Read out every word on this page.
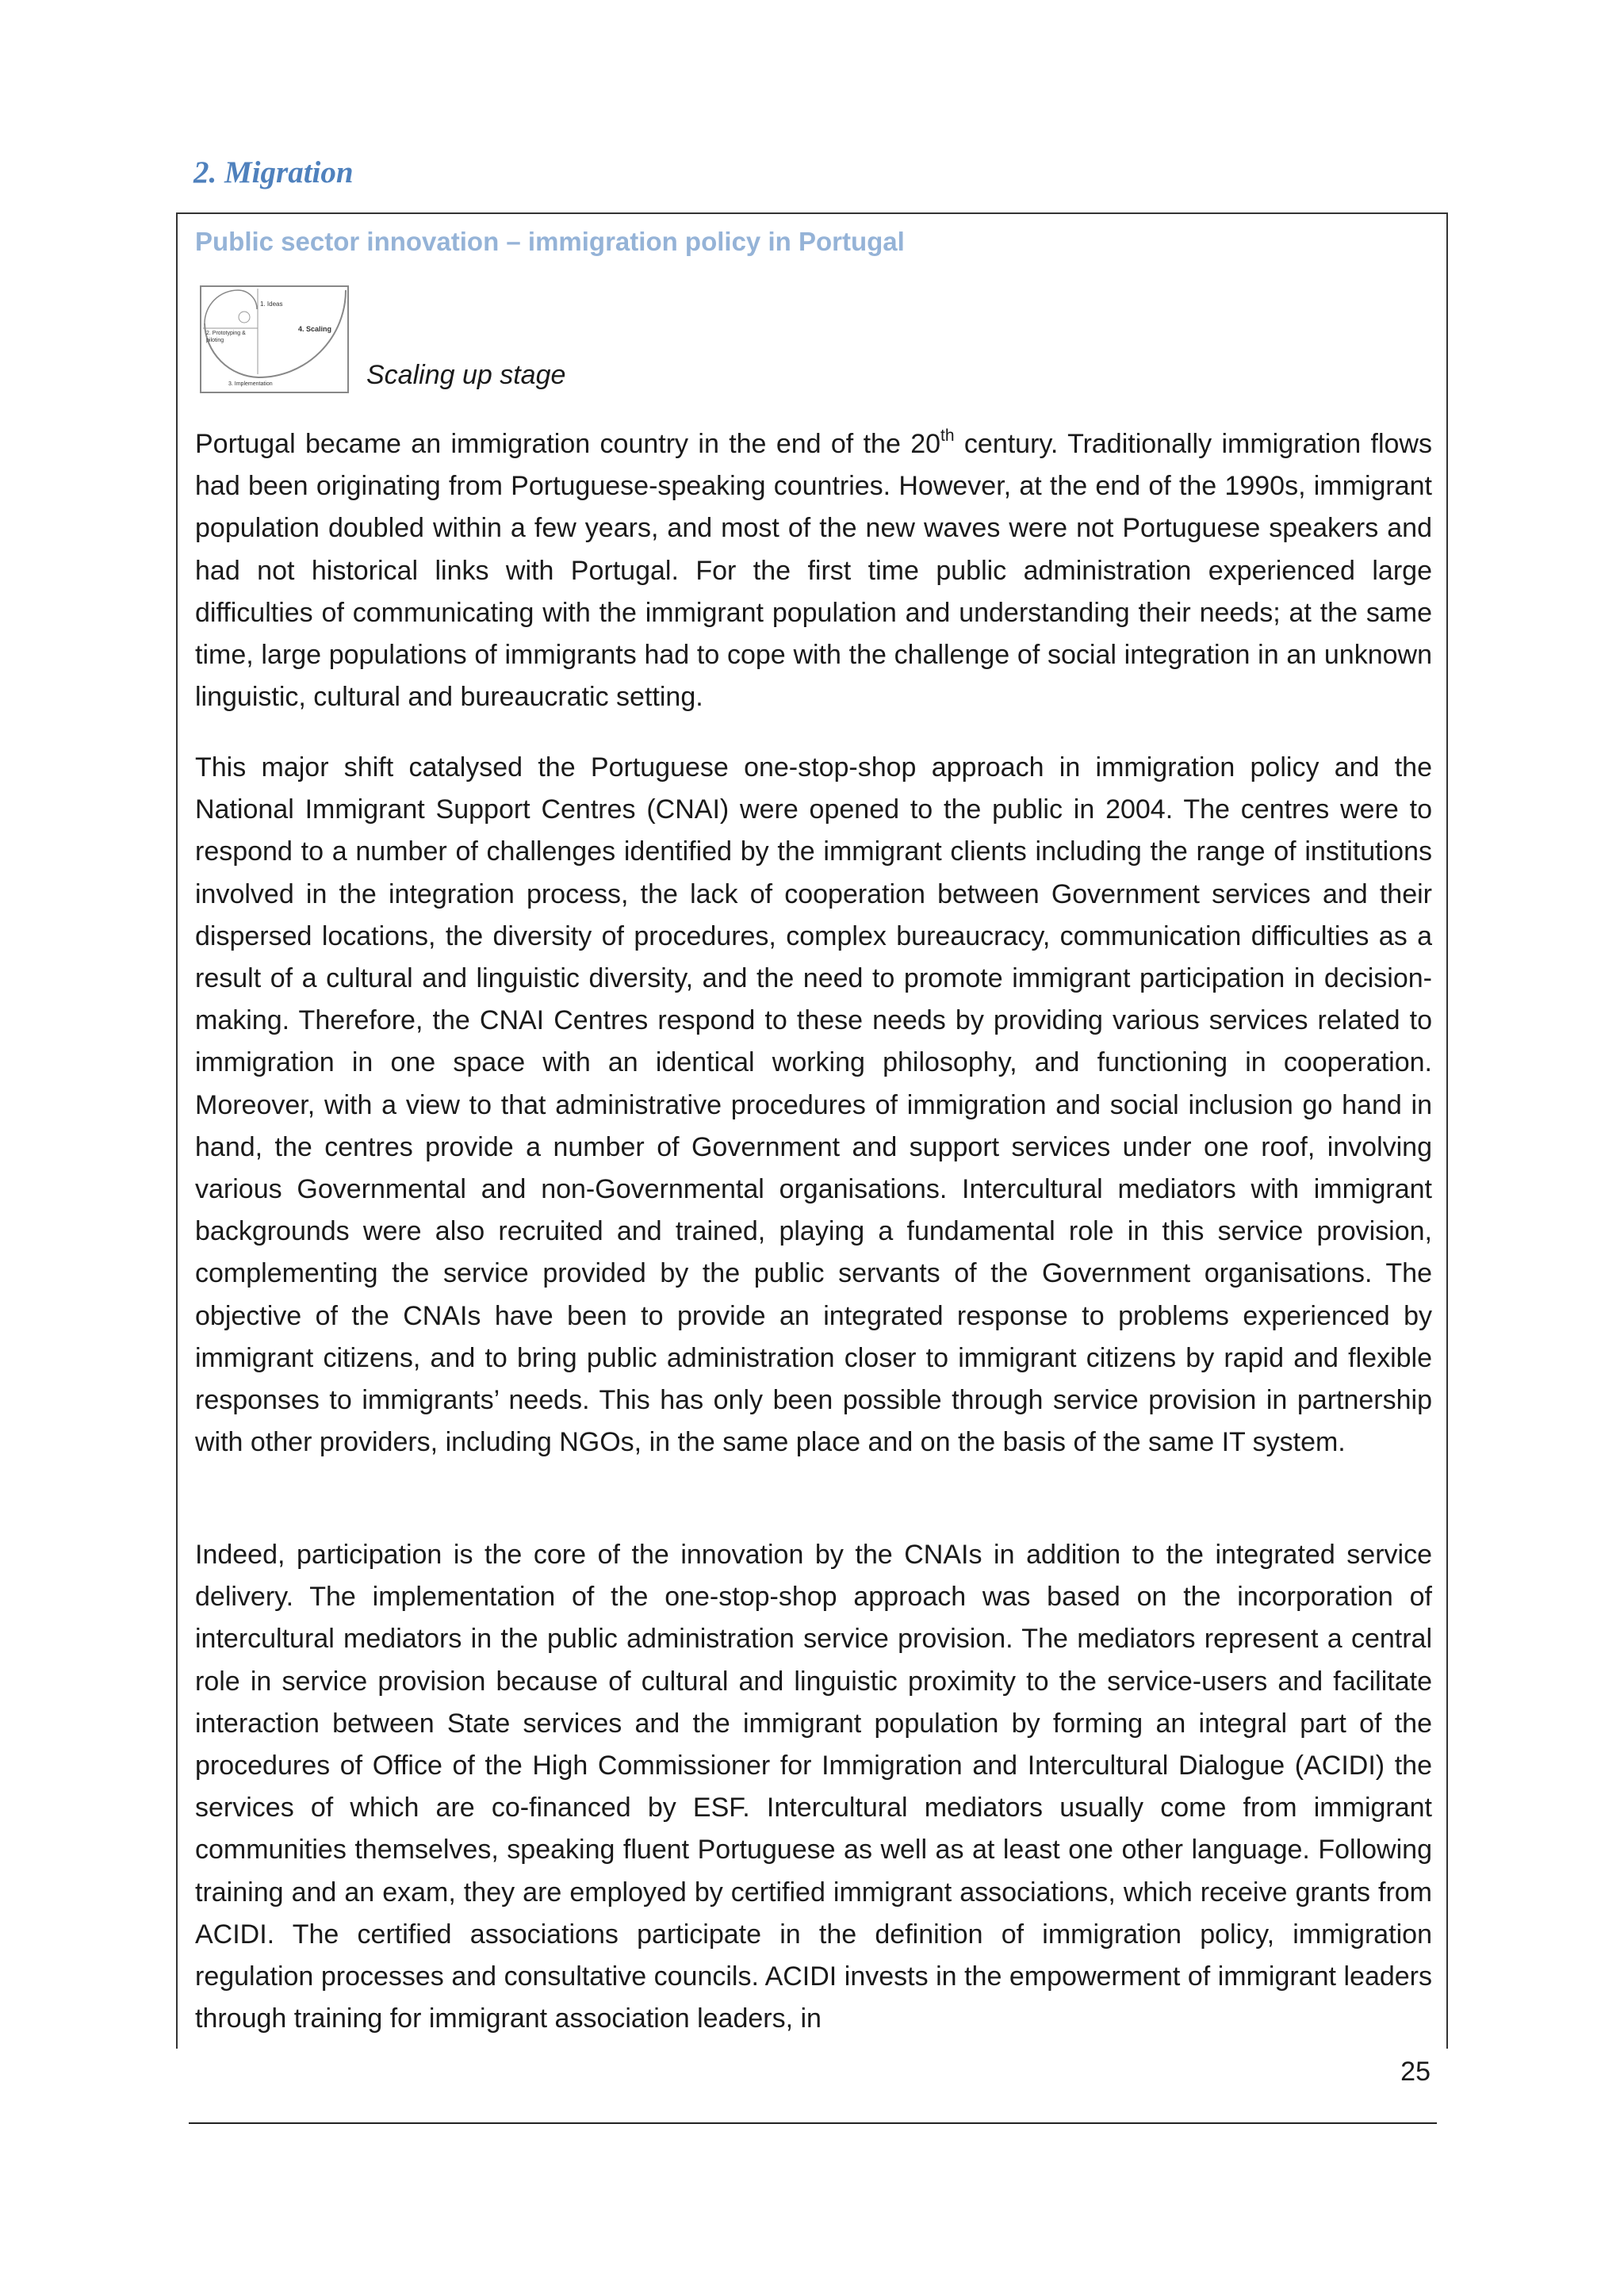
2. Migration
Public sector innovation – immigration policy in Portugal
1. Ideas
2. Prototyping &
piloting
4. Scaling
3. Implementation	Scaling up stage

Portugal became an immigration country in the end of the 20th century. Traditionally immigration flows had been originating from Portuguese-speaking countries. However, at the end of the 1990s, immigrant population doubled within a few years, and most of the new waves were not Portuguese speakers and had not historical links with Portugal. For the first time public administration experienced large difficulties of communicating with the immigrant population and understanding their needs; at the same time, large populations of immigrants had to cope with the challenge of social integration in an unknown linguistic, cultural and bureaucratic setting.

This major shift catalysed the Portuguese one-stop-shop approach in immigration policy and the National Immigrant Support Centres (CNAI) were opened to the public in 2004. The centres were to respond to a number of challenges identified by the immigrant clients including the range of institutions involved in the integration process, the lack of cooperation between Government services and their dispersed locations, the diversity of procedures, complex bureaucracy, communication difficulties as a result of a cultural and linguistic diversity, and the need to promote immigrant participation in decision-making. Therefore, the CNAI Centres respond to these needs by providing various services related to immigration in one space with an identical working philosophy, and functioning in cooperation. Moreover, with a view to that administrative procedures of immigration and social inclusion go hand in hand, the centres provide a number of Government and support services under one roof, involving various Governmental and non-Governmental organisations. Intercultural mediators with immigrant backgrounds were also recruited and trained, playing a fundamental role in this service provision, complementing the service provided by the public servants of the Government organisations. The objective of the CNAIs have been to provide an integrated response to problems experienced by immigrant citizens, and to bring public administration closer to immigrant citizens by rapid and flexible responses to immigrants’ needs. This has only been possible through service provision in partnership with other providers, including NGOs, in the same place and on the basis of the same IT system.

Indeed, participation is the core of the innovation by the CNAIs in addition to the integrated service delivery. The implementation of the one-stop-shop approach was based on the incorporation of intercultural mediators in the public administration service provision. The mediators represent a central role in service provision because of cultural and linguistic proximity to the service-users and facilitate interaction between State services and the immigrant population by forming an integral part of the procedures of Office of the High Commissioner for Immigration and Intercultural Dialogue (ACIDI) the services of which are co-financed by ESF. Intercultural mediators usually come from immigrant communities themselves, speaking fluent Portuguese as well as at least one other language. Following training and an exam, they are employed by certified immigrant associations, which receive grants from ACIDI. The certified associations participate in the definition of immigration policy, immigration regulation processes and consultative councils. ACIDI invests in the empowerment of immigrant leaders through training for immigrant association leaders, in

25
